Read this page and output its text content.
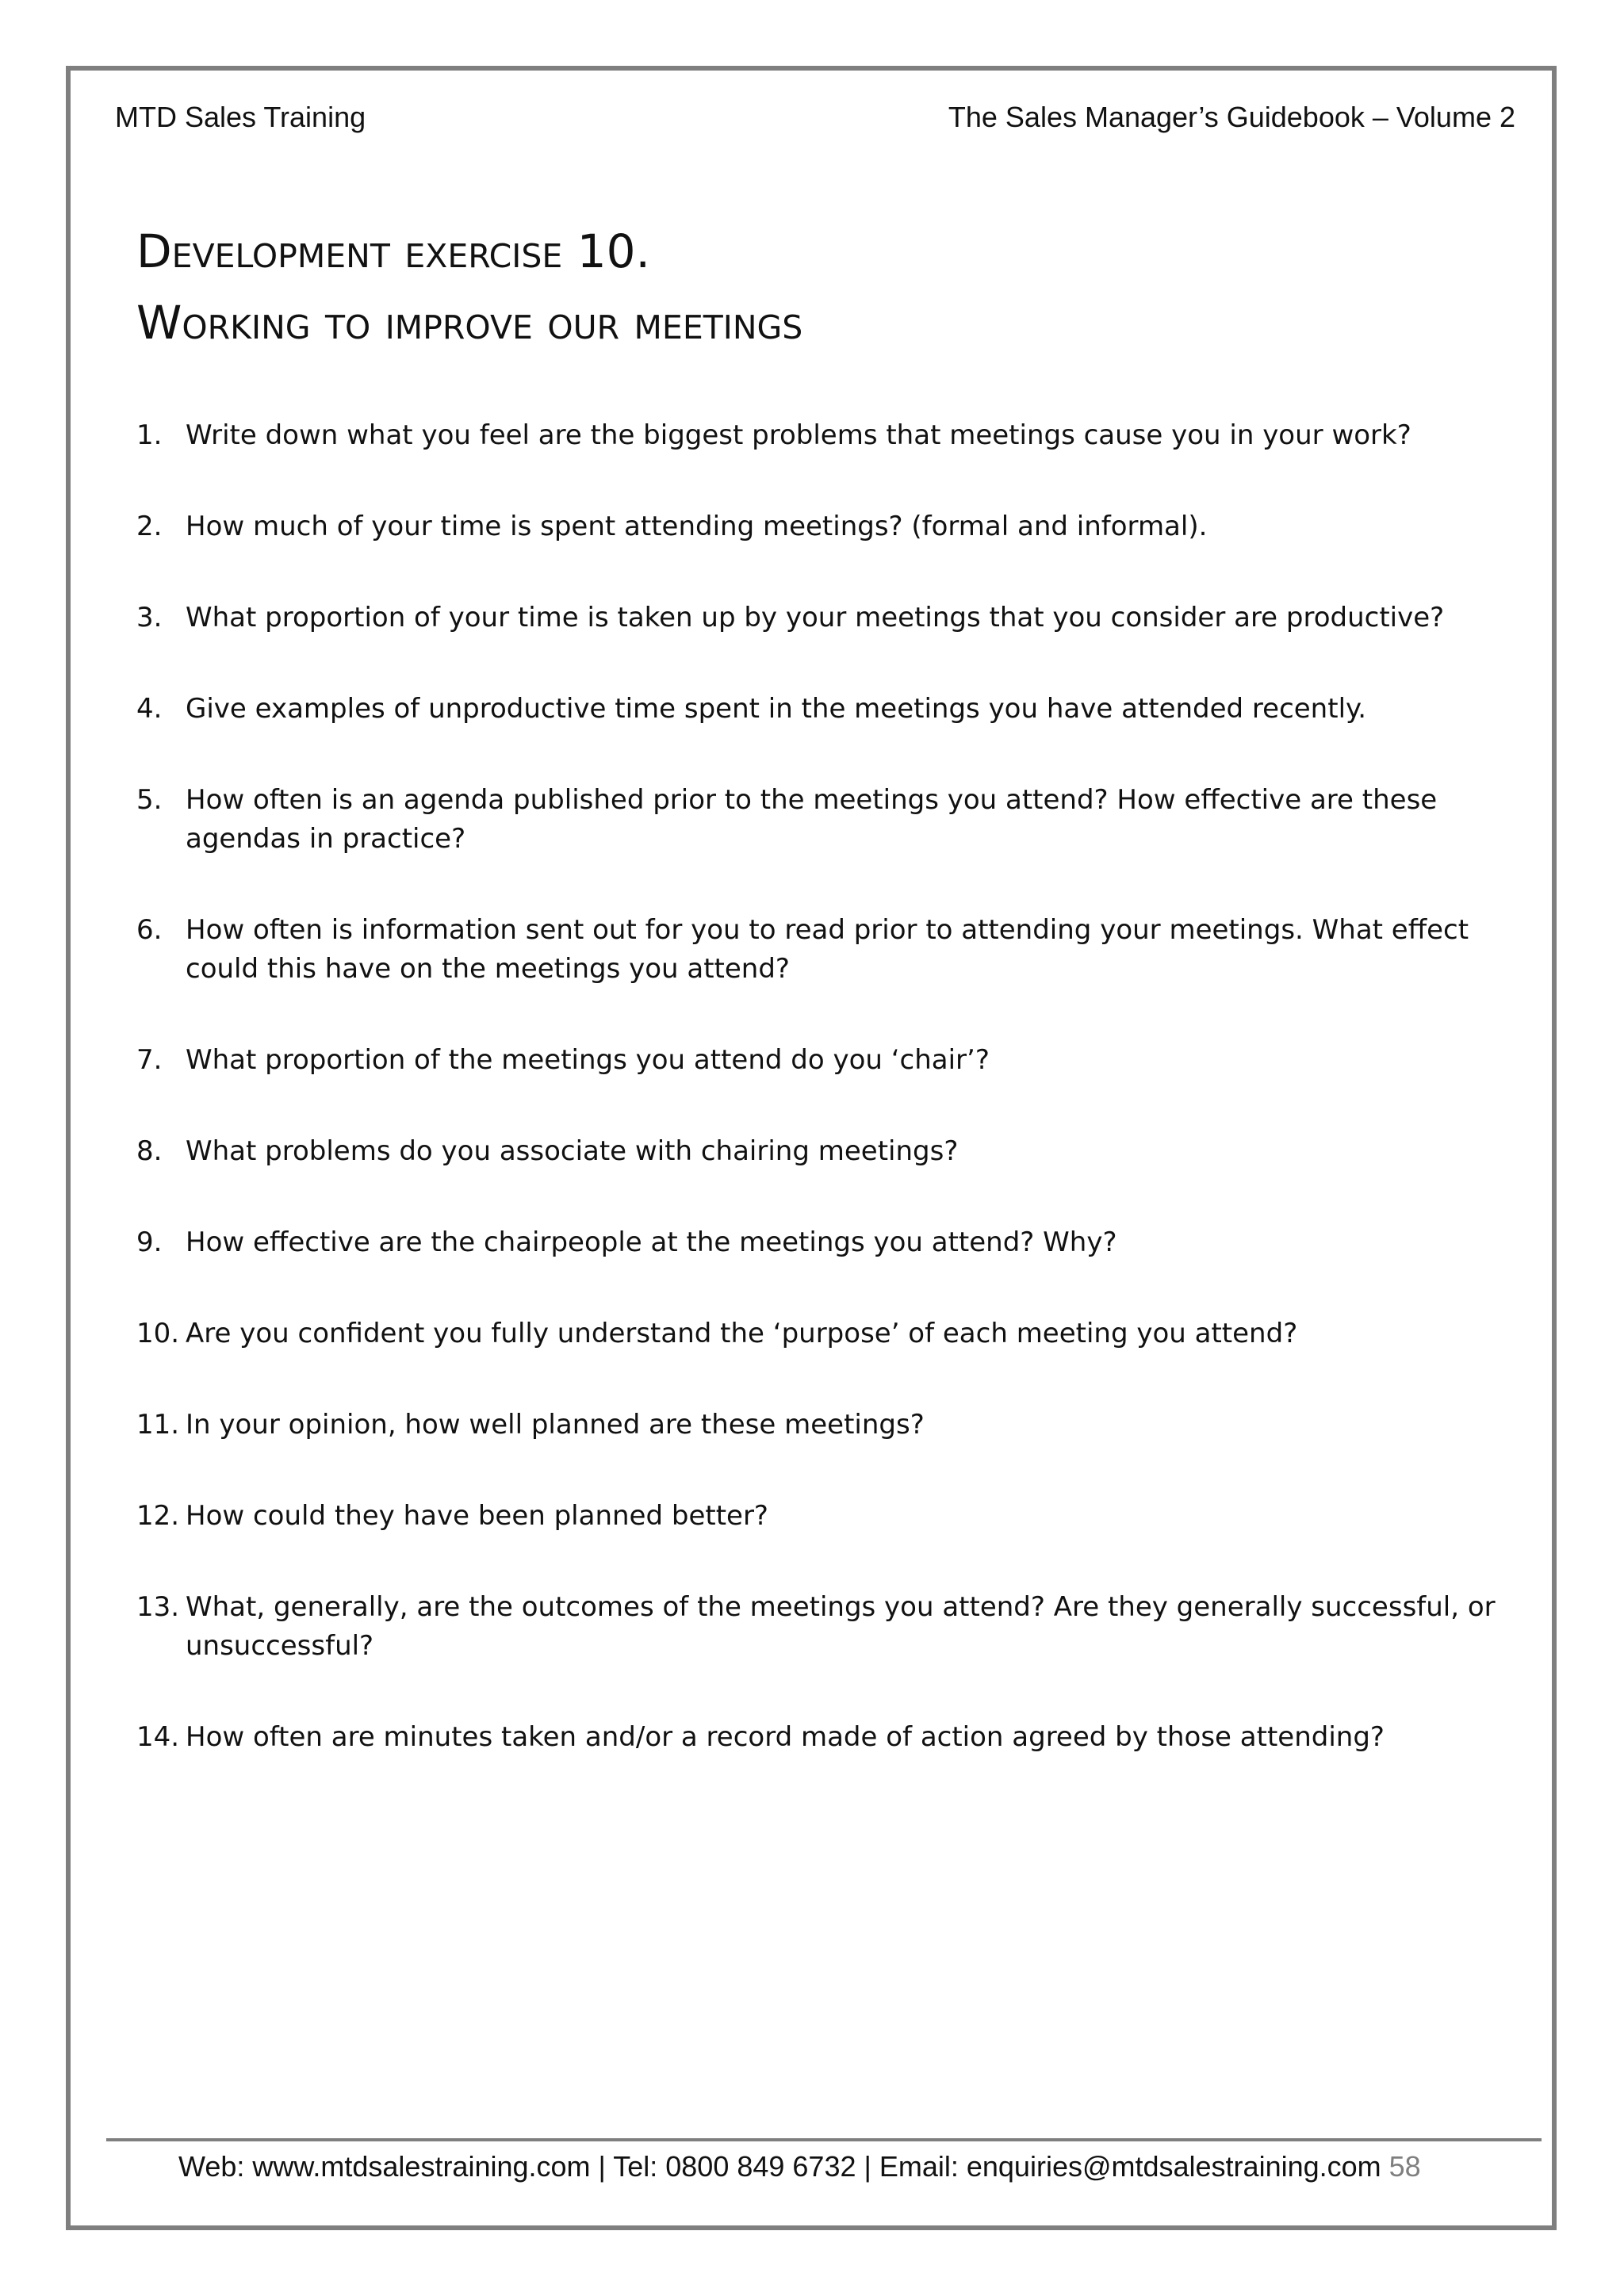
MTD Sales Training	The Sales Manager’s Guidebook – Volume 2
Development exercise 10.
Working to improve our meetings
1. Write down what you feel are the biggest problems that meetings cause you in your work?
2. How much of your time is spent attending meetings? (formal and informal).
3. What proportion of your time is taken up by your meetings that you consider are productive?
4. Give examples of unproductive time spent in the meetings you have attended recently.
5. How often is an agenda published prior to the meetings you attend? How effective are these agendas in practice?
6. How often is information sent out for you to read prior to attending your meetings. What effect could this have on the meetings you attend?
7. What proportion of the meetings you attend do you ‘chair’?
8. What problems do you associate with chairing meetings?
9. How effective are the chairpeople at the meetings you attend? Why?
10. Are you confident you fully understand the ‘purpose’ of each meeting you attend?
11. In your opinion, how well planned are these meetings?
12. How could they have been planned better?
13. What, generally, are the outcomes of the meetings you attend? Are they generally successful, or unsuccessful?
14. How often are minutes taken and/or a record made of action agreed by those attending?
Web: www.mtdsalestraining.com | Tel: 0800 849 6732 | Email: enquiries@mtdsalestraining.com 58
